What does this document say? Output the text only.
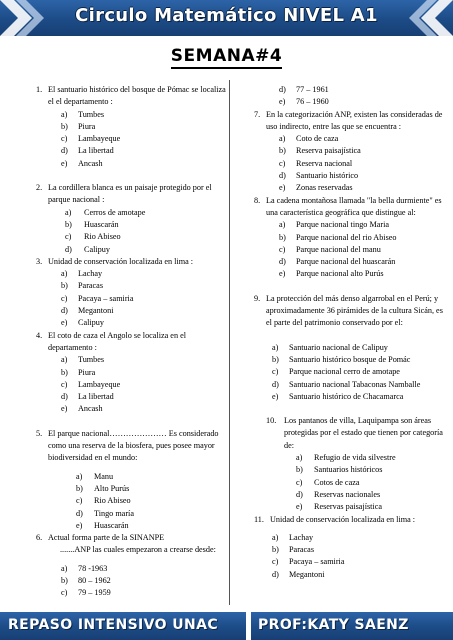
Circulo Matemático NIVEL A1
SEMANA#4
1. El santuario histórico del bosque de Pómac se localiza el el departamento :
a) Tumbes
b) Piura
c) Lambayeque
d) La libertad
e) Ancash
2. La cordillera blanca es un paisaje protegido por el parque nacional :
a) Cerros de amotape
b) Huascarán
c) Rio Abiseo
d) Calipuy
3. Unidad de conservación localizada en lima :
a) Lachay
b) Paracas
c) Pacaya – samiria
d) Megantoni
e) Calipuy
4. El coto de caza el Angolo se localiza en el departamento :
a) Tumbes
b) Piura
c) Lambayeque
d) La libertad
e) Ancash
5. El parque nacional………………… Es considerado como una reserva de la biosfera, pues posee mayor biodiversidad en el mundo:
a) Manu
b) Alto Purús
c) Rio Abiseo
d) Tingo maría
e) Huascarán
6. Actual forma parte de la SINANPE
.......ANP las cuales empezaron a crearse desde:
a) 78 -1963
b) 80 – 1962
c) 79 – 1959
d) 77 – 1961
e) 76 – 1960
7. En la categorización ANP, existen las consideradas de uso indirecto, entre las que se encuentra :
a) Coto de caza
b) Reserva paisajística
c) Reserva nacional
d) Santuario histórico
e) Zonas reservadas
8. La cadena montañosa llamada "la bella durmiente" es una característica geográfica que distingue al:
a) Parque nacional tingo Maria
b) Parque nacional del rio Abiseo
c) Parque nacional del manu
d) Parque nacional del huascarán
e) Parque nacional alto Purús
9. La protección del más denso algarrobal en el Perú; y aproximadamente 36 pirámides de la cultura Sicán, es el parte del patrimonio conservado por el:
a) Santuario nacional de Calipuy
b) Santuario histórico bosque de Pomác
c) Parque nacional cerro de amotape
d) Santuario nacional Tabaconas Namballe
e) Santuario histórico de Chacamarca
10. Los pantanos de villa, Laquipampa son áreas protegidas por el estado que tienen por categoría de:
a) Refugio de vida silvestre
b) Santuarios históricos
c) Cotos de caza
d) Reservas nacionales
e) Reservas paisajística
11. Unidad de conservación localizada en lima :
a) Lachay
b) Paracas
c) Pacaya – samiria
d) Megantoni
REPASO INTENSIVO UNAC	PROF:KATY SAENZ
